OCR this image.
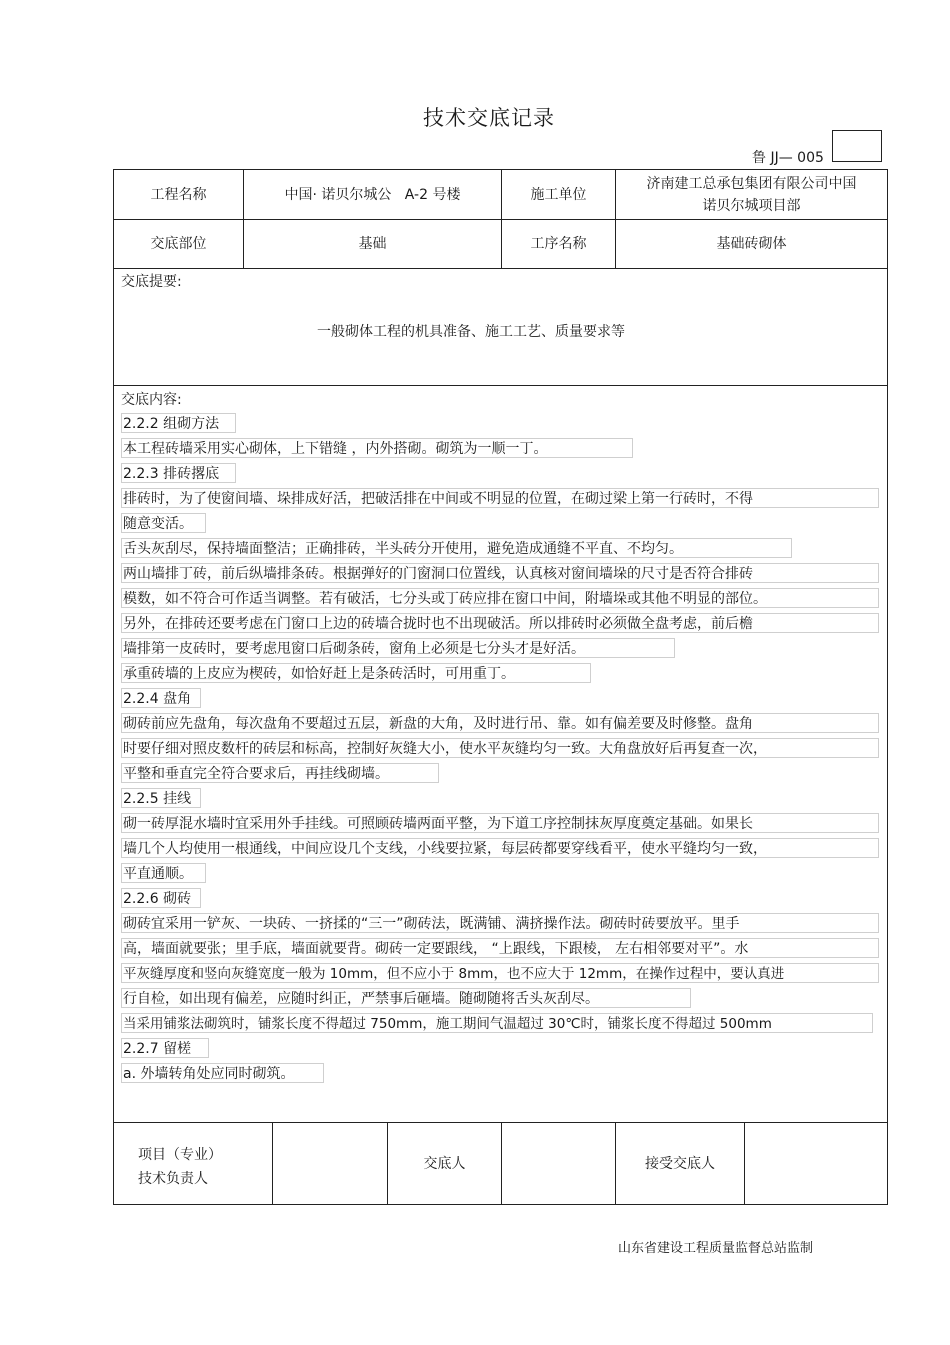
技术交底记录
鲁 JJ— 005
工程名称	中国· 诺贝尔城公   A-2 号楼	施工单位
济南建工总承包集团有限公司中国
诺贝尔城项目部
交底部位	基础	工序名称	基础砖砌体
交底提要:
一般砌体工程的机具准备、施工工艺、质量要求等
交底内容:
2.2.2 组砌方法
本工程砖墙采用实心砌体，上下错缝 ，内外搭砌。砌筑为一顺一丁。
2.2.3 排砖撂底
排砖时，为了使窗间墙、垛排成好活，把破活排在中间或不明显的位置，在砌过梁上第一行砖时，不得
随意变活。
舌头灰刮尽，保持墙面整洁；正确排砖，半头砖分开使用，避免造成通缝不平直、不均匀。
两山墙排丁砖，前后纵墙排条砖。根据弹好的门窗洞口位置线，认真核对窗间墙垛的尺寸是否符合排砖
模数，如不符合可作适当调整。若有破活，七分头或丁砖应排在窗口中间，附墙垛或其他不明显的部位。
另外，在排砖还要考虑在门窗口上边的砖墙合拢时也不出现破活。所以排砖时必须做全盘考虑，前后檐
墙排第一皮砖时，要考虑甩窗口后砌条砖，窗角上必须是七分头才是好活。
承重砖墙的上皮应为楔砖，如恰好赶上是条砖活时，可用重丁。
2.2.4 盘角
砌砖前应先盘角，每次盘角不要超过五层，新盘的大角，及时进行吊、靠。如有偏差要及时修整。盘角
时要仔细对照皮数杆的砖层和标高，控制好灰缝大小，使水平灰缝均匀一致。大角盘放好后再复查一次，
平整和垂直完全符合要求后，再挂线砌墙。
2.2.5 挂线
砌一砖厚混水墙时宜采用外手挂线。可照顾砖墙两面平整，为下道工序控制抹灰厚度奠定基础。如果长
墙几个人均使用一根通线，中间应设几个支线，小线要拉紧，每层砖都要穿线看平，使水平缝均匀一致，
平直通顺。
2.2.6 砌砖
砌砖宜采用一铲灰、一块砖、一挤揉的“三一”砌砖法，既满铺、满挤操作法。砌砖时砖要放平。里手
高，墙面就要张；里手底，墙面就要背。砌砖一定要跟线， “上跟线，下跟棱， 左右相邻要对平”。水
平灰缝厚度和竖向灰缝宽度一般为 10mm，但不应小于 8mm，也不应大于 12mm，在操作过程中，要认真进
行自检，如出现有偏差，应随时纠正，严禁事后砸墙。随砌随将舌头灰刮尽。
当采用铺浆法砌筑时，铺浆长度不得超过 750mm，施工期间气温超过 30℃时，铺浆长度不得超过 500mm
2.2.7 留槎
a. 外墙转角处应同时砌筑。
项目（专业）
技术负责人
交底人	接受交底人
山东省建设工程质量监督总站监制
